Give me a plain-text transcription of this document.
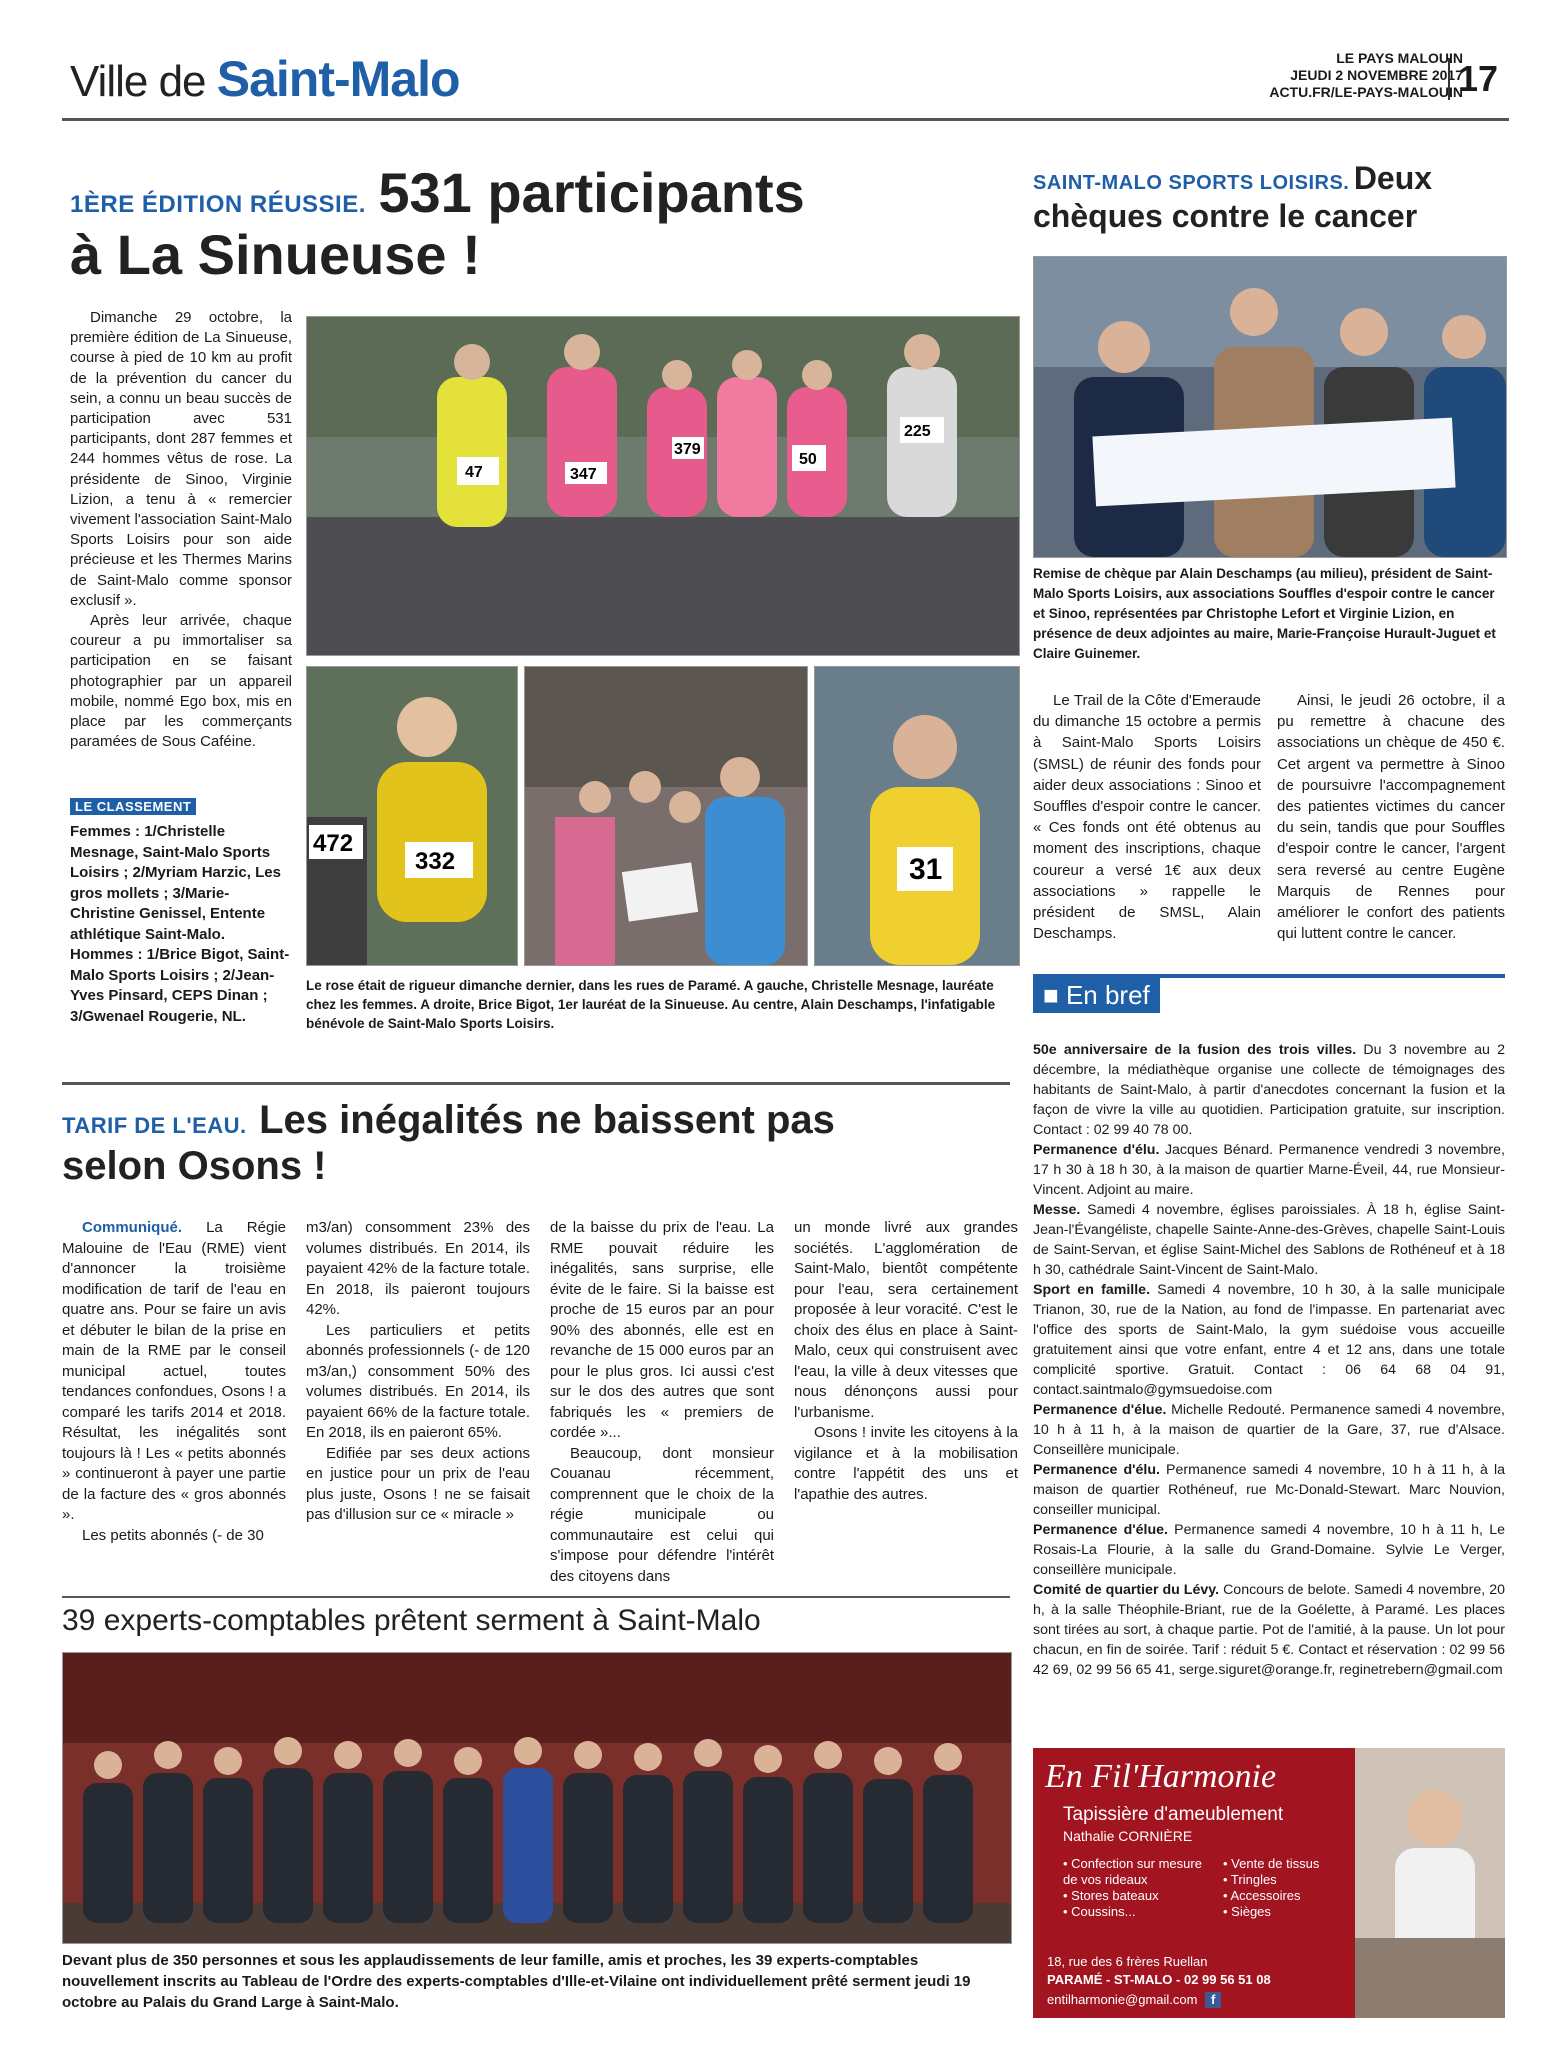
Ville de Saint-Malo	LE PAYS MALOUIN
JEUDI 2 NOVEMBRE 2017
ACTU.FR/LE-PAYS-MALOUIN
17
1ÈRE ÉDITION RÉUSSIE. 531 participants
à La Sinueuse !

Dimanche 29 octobre, la première édition de La Sinueuse, course à pied de 10 km au profit de la prévention du cancer du sein, a connu un beau succès de participation avec 531 participants, dont 287 femmes et 244 hommes vêtus de rose. La présidente de Sinoo, Virginie Lizion, a tenu à « remercier vivement l'association Saint-Malo Sports Loisirs pour son aide précieuse et les Thermes Marins de Saint-Malo comme sponsor exclusif ».

Après leur arrivée, chaque coureur a pu immortaliser sa participation en se faisant photographier par un appareil mobile, nommé Ego box, mis en place par les commerçants paramées de Sous Caféine.

LE CLASSEMENT
Femmes : 1/Christelle Mesnage, Saint-Malo Sports Loisirs ; 2/Myriam Harzic, Les gros mollets ; 3/Marie-Christine Genissel, Entente athlétique Saint-Malo. Hommes : 1/Brice Bigot, Saint-Malo Sports Loisirs ; 2/Jean-Yves Pinsard, CEPS Dinan ; 3/Gwenael Rougerie, NL.
47	347
379
50
225
472
332	31
Le rose était de rigueur dimanche dernier, dans les rues de Paramé. A gauche, Christelle Mesnage, lauréate chez les femmes. A droite, Brice Bigot, 1er lauréat de la Sinueuse. Au centre, Alain Deschamps, l'infatigable bénévole de Saint-Malo Sports Loisirs.
SAINT-MALO SPORTS LOISIRS. Deux
chèques contre le cancer
Remise de chèque par Alain Deschamps (au milieu), président de Saint-Malo Sports Loisirs, aux associations Souffles d'espoir contre le cancer et Sinoo, représentées par Christophe Lefort et Virginie Lizion, en présence de deux adjointes au maire, Marie-Françoise Hurault-Juguet et Claire Guinemer.

Le Trail de la Côte d'Emeraude du dimanche 15 octobre a permis à Saint-Malo Sports Loisirs (SMSL) de réunir des fonds pour aider deux associations : Sinoo et Souffles d'espoir contre le cancer. « Ces fonds ont été obtenus au moment des inscriptions, chaque coureur a versé 1€ aux deux associations » rappelle le président de SMSL, Alain Deschamps.

Ainsi, le jeudi 26 octobre, il a pu remettre à chacune des associations un chèque de 450 €. Cet argent va permettre à Sinoo de poursuivre l'accompagnement des patientes victimes du cancer du sein, tandis que pour Souffles d'espoir contre le cancer, l'argent sera reversé au centre Eugène Marquis de Rennes pour améliorer le confort des patients qui luttent contre le cancer.

■ En bref

50e anniversaire de la fusion des trois villes. Du 3 novembre au 2 décembre, la médiathèque organise une collecte de témoignages des habitants de Saint-Malo, à partir d'anecdotes concernant la fusion et la façon de vivre la ville au quotidien. Participation gratuite, sur inscription. Contact : 02 99 40 78 00.

Permanence d'élu. Jacques Bénard. Permanence vendredi 3 novembre, 17 h 30 à 18 h 30, à la maison de quartier Marne-Éveil, 44, rue Monsieur-Vincent. Adjoint au maire.

Messe. Samedi 4 novembre, églises paroissiales. À 18 h, église Saint-Jean-l'Évangéliste, chapelle Sainte-Anne-des-Grèves, chapelle Saint-Louis de Saint-Servan, et église Saint-Michel des Sablons de Rothéneuf et à 18 h 30, cathédrale Saint-Vincent de Saint-Malo.

Sport en famille. Samedi 4 novembre, 10 h 30, à la salle municipale Trianon, 30, rue de la Nation, au fond de l'impasse. En partenariat avec l'office des sports de Saint-Malo, la gym suédoise vous accueille gratuitement ainsi que votre enfant, entre 4 et 12 ans, dans une totale complicité sportive. Gratuit. Contact : 06 64 68 04 91, contact.saintmalo@gymsuedoise.com

Permanence d'élue. Michelle Redouté. Permanence samedi 4 novembre, 10 h à 11 h, à la maison de quartier de la Gare, 37, rue d'Alsace. Conseillère municipale.

Permanence d'élu. Permanence samedi 4 novembre, 10 h à 11 h, à la maison de quartier Rothéneuf, rue Mc-Donald-Stewart. Marc Nouvion, conseiller municipal.

Permanence d'élue. Permanence samedi 4 novembre, 10 h à 11 h, Le Rosais-La Flourie, à la salle du Grand-Domaine. Sylvie Le Verger, conseillère municipale.

Comité de quartier du Lévy. Concours de belote. Samedi 4 novembre, 20 h, à la salle Théophile-Briant, rue de la Goélette, à Paramé. Les places sont tirées au sort, à chaque partie. Pot de l'amitié, à la pause. Un lot pour chacun, en fin de soirée. Tarif : réduit 5 €. Contact et réservation : 02 99 56 42 69, 02 99 56 65 41, serge.siguret@orange.fr, reginetrebern@gmail.com

TARIF DE L'EAU. Les inégalités ne baissent pas
selon Osons !

Communiqué. La Régie Malouine de l'Eau (RME) vient d'annoncer la troisième modification de tarif de l'eau en quatre ans. Pour se faire un avis et débuter le bilan de la prise en main de la RME par le conseil municipal actuel, toutes tendances confondues, Osons ! a comparé les tarifs 2014 et 2018. Résultat, les inégalités sont toujours là ! Les « petits abonnés » continueront à payer une partie de la facture des « gros abonnés ».

Les petits abonnés (- de 30

m3/an) consomment 23% des volumes distribués. En 2014, ils payaient 42% de la facture totale. En 2018, ils paieront toujours 42%.

Les particuliers et petits abonnés professionnels (- de 120 m3/an,) consomment 50% des volumes distribués. En 2014, ils payaient 66% de la facture totale. En 2018, ils en paieront 65%.

Edifiée par ses deux actions en justice pour un prix de l'eau plus juste, Osons ! ne se faisait pas d'illusion sur ce « miracle »

de la baisse du prix de l'eau. La RME pouvait réduire les inégalités, sans surprise, elle évite de le faire. Si la baisse est proche de 15 euros par an pour 90% des abonnés, elle est en revanche de 15 000 euros par an pour le plus gros. Ici aussi c'est sur le dos des autres que sont fabriqués les « premiers de cordée »...

Beaucoup, dont monsieur Couanau récemment, comprennent que le choix de la régie municipale ou communautaire est celui qui s'impose pour défendre l'intérêt des citoyens dans

un monde livré aux grandes sociétés. L'agglomération de Saint-Malo, bientôt compétente pour l'eau, sera certainement proposée à leur voracité. C'est le choix des élus en place à Saint-Malo, ceux qui construisent avec l'eau, la ville à deux vitesses que nous dénonçons aussi pour l'urbanisme.

Osons ! invite les citoyens à la vigilance et à la mobilisation contre l'appétit des uns et l'apathie des autres.

39 experts-comptables prêtent serment à Saint-Malo
Devant plus de 350 personnes et sous les applaudissements de leur famille, amis et proches, les 39 experts-comptables nouvellement inscrits au Tableau de l'Ordre des experts-comptables d'Ille-et-Vilaine ont individuellement prêté serment jeudi 19 octobre au Palais du Grand Large à Saint-Malo.
En Fil'Harmonie
Tapissière d'ameublement
Nathalie CORNIÈRE
• Confection sur mesure de vos rideaux
• Stores bateaux
• Coussins...
• Vente de tissus
• Tringles
• Accessoires
• Sièges
18, rue des 6 frères Ruellan
PARAMÉ - ST-MALO - 02 99 56 51 08
entilharmonie@gmail.com f
